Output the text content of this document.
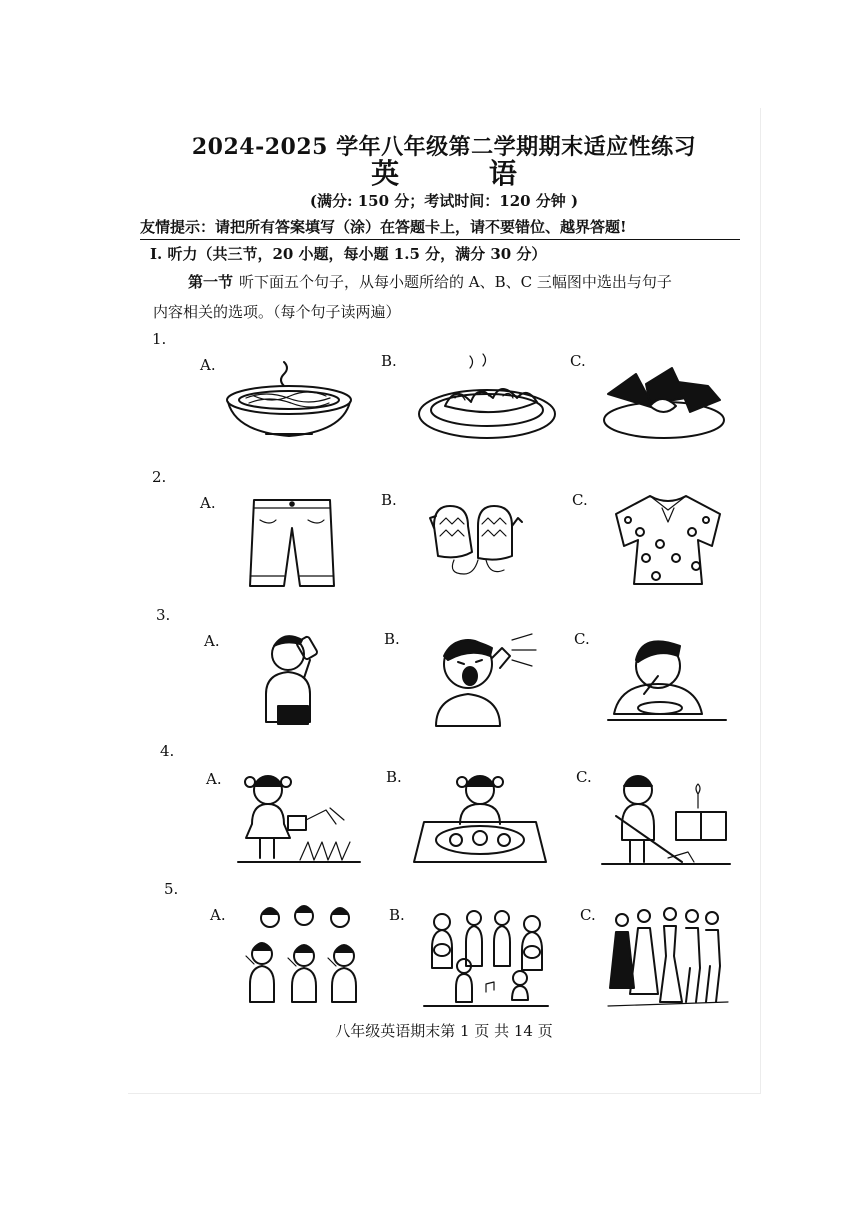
2024-2025 学年八年级第二学期期末适应性练习
英 语
(满分: 150 分；考试时间：120 分钟 )
友情提示：请把所有答案填写（涂）在答题卡上，请不要错位、越界答题!
I. 听力（共三节，20 小题，每小题 1.5 分，满分 30 分）
第一节 听下面五个句子，从每小题所给的 A、B、C 三幅图中选出与句子
内容相关的选项。（每个句子读两遍）
1.
A.	B.	C.
2.
A.	B.	C.
3.
A.	B.	C.
4.
A.	B.	C.
5.
A.	B.	C.
八年级英语期末第 1 页 共 14 页
